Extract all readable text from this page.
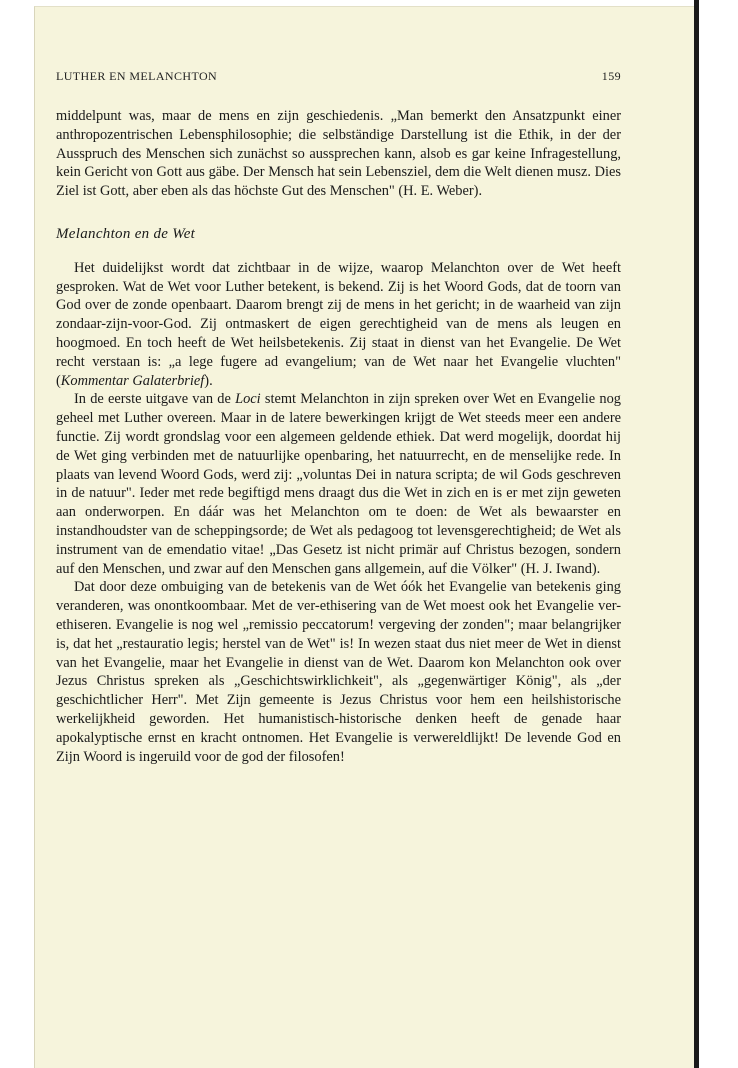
LUTHER EN MELANCHTON	159

middelpunt was, maar de mens en zijn geschiedenis. „Man bemerkt den Ansatzpunkt einer anthropozentrischen Lebensphilosophie; die selbständige Darstellung ist die Ethik, in der der Ausspruch des Menschen sich zunächst so aussprechen kann, alsob es gar keine Infragestellung, kein Gericht von Gott aus gäbe. Der Mensch hat sein Lebensziel, dem die Welt dienen musz. Dies Ziel ist Gott, aber eben als das höchste Gut des Menschen" (H. E. Weber).

Melanchton en de Wet

Het duidelijkst wordt dat zichtbaar in de wijze, waarop Melanchton over de Wet heeft gesproken. Wat de Wet voor Luther betekent, is bekend. Zij is het Woord Gods, dat de toorn van God over de zonde openbaart. Daarom brengt zij de mens in het gericht; in de waarheid van zijn zondaar-zijn-voor-God. Zij ontmaskert de eigen gerechtigheid van de mens als leugen en hoogmoed. En toch heeft de Wet heilsbetekenis. Zij staat in dienst van het Evangelie. De Wet recht verstaan is: „a lege fugere ad evangelium; van de Wet naar het Evangelie vluchten" (Kommentar Galaterbrief).

In de eerste uitgave van de Loci stemt Melanchton in zijn spreken over Wet en Evangelie nog geheel met Luther overeen. Maar in de latere bewerkingen krijgt de Wet steeds meer een andere functie. Zij wordt grondslag voor een algemeen geldende ethiek. Dat werd mogelijk, doordat hij de Wet ging verbinden met de natuurlijke openbaring, het natuurrecht, en de menselijke rede. In plaats van levend Woord Gods, werd zij: „voluntas Dei in natura scripta; de wil Gods geschreven in de natuur". Ieder met rede begiftigd mens draagt dus die Wet in zich en is er met zijn geweten aan onderworpen. En dáár was het Melanchton om te doen: de Wet als bewaarster en instandhoudster van de scheppingsorde; de Wet als pedagoog tot levensgerechtigheid; de Wet als instrument van de emendatio vitae! „Das Gesetz ist nicht primär auf Christus bezogen, sondern auf den Menschen, und zwar auf den Menschen gans allgemein, auf die Völker" (H. J. Iwand).

Dat door deze ombuiging van de betekenis van de Wet óók het Evangelie van betekenis ging veranderen, was onontkoombaar. Met de ver-ethisering van de Wet moest ook het Evangelie ver-ethiseren. Evangelie is nog wel „remissio peccatorum! vergeving der zonden"; maar belangrijker is, dat het „restauratio legis; herstel van de Wet" is! In wezen staat dus niet meer de Wet in dienst van het Evangelie, maar het Evangelie in dienst van de Wet. Daarom kon Melanchton ook over Jezus Christus spreken als „Geschichtswirklichkeit", als „gegenwärtiger König", als „der geschichtlicher Herr". Met Zijn gemeente is Jezus Christus voor hem een heilshistorische werkelijkheid geworden. Het humanistisch-historische denken heeft de genade haar apokalyptische ernst en kracht ontnomen. Het Evangelie is verwereldlijkt! De levende God en Zijn Woord is ingeruild voor de god der filosofen!
